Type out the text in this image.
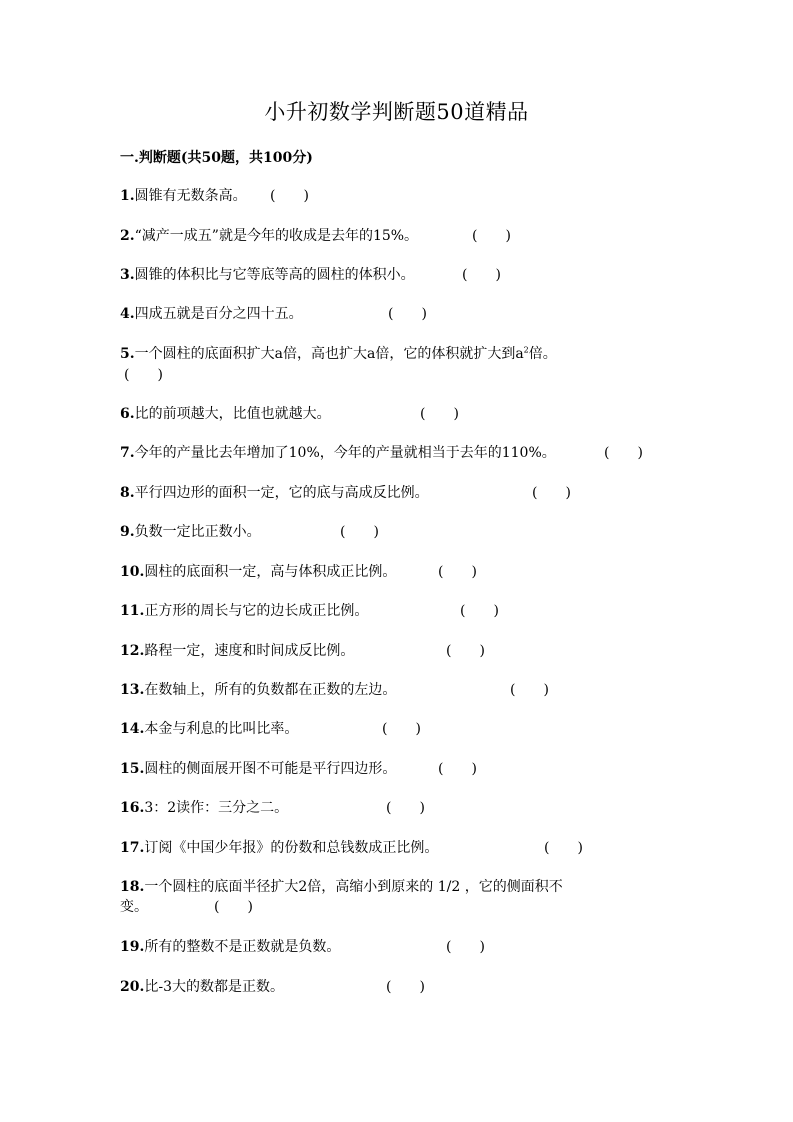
小升初数学判断题50道精品
一.判断题(共50题，共100分)
1.圆锥有无数条高。 (　　)
2.“减产一成五”就是今年的收成是去年的15%。	(　　)
3.圆锥的体积比与它等底等高的圆柱的体积小。	(　　)
4.四成五就是百分之四十五。	(　　)
5.一个圆柱的底面积扩大a倍，高也扩大a倍，它的体积就扩大到$a^2$倍。
(　　)
6.比的前项越大，比值也就越大。	(　　)
7.今年的产量比去年增加了10%，今年的产量就相当于去年的110%。	(　　)
8.平行四边形的面积一定，它的底与高成反比例。	(　　)
9.负数一定比正数小。	(　　)
10.圆柱的底面积一定，高与体积成正比例。	(　　)
11.正方形的周长与它的边长成正比例。	(　　)
12.路程一定，速度和时间成反比例。	(　　)
13.在数轴上，所有的负数都在正数的左边。	(　　)
14.本金与利息的比叫比率。	(　　)
15.圆柱的侧面展开图不可能是平行四边形。	(　　)
16.3：2读作：三分之二。	(　　)
17.订阅《中国少年报》的份数和总钱数成正比例。	(　　)
18.一个圆柱的底面半径扩大2倍，高缩小到原来的 1/2 ，它的侧面积不
变。	(　　)
19.所有的整数不是正数就是负数。	(　　)
20.比-3大的数都是正数。	(　　)
